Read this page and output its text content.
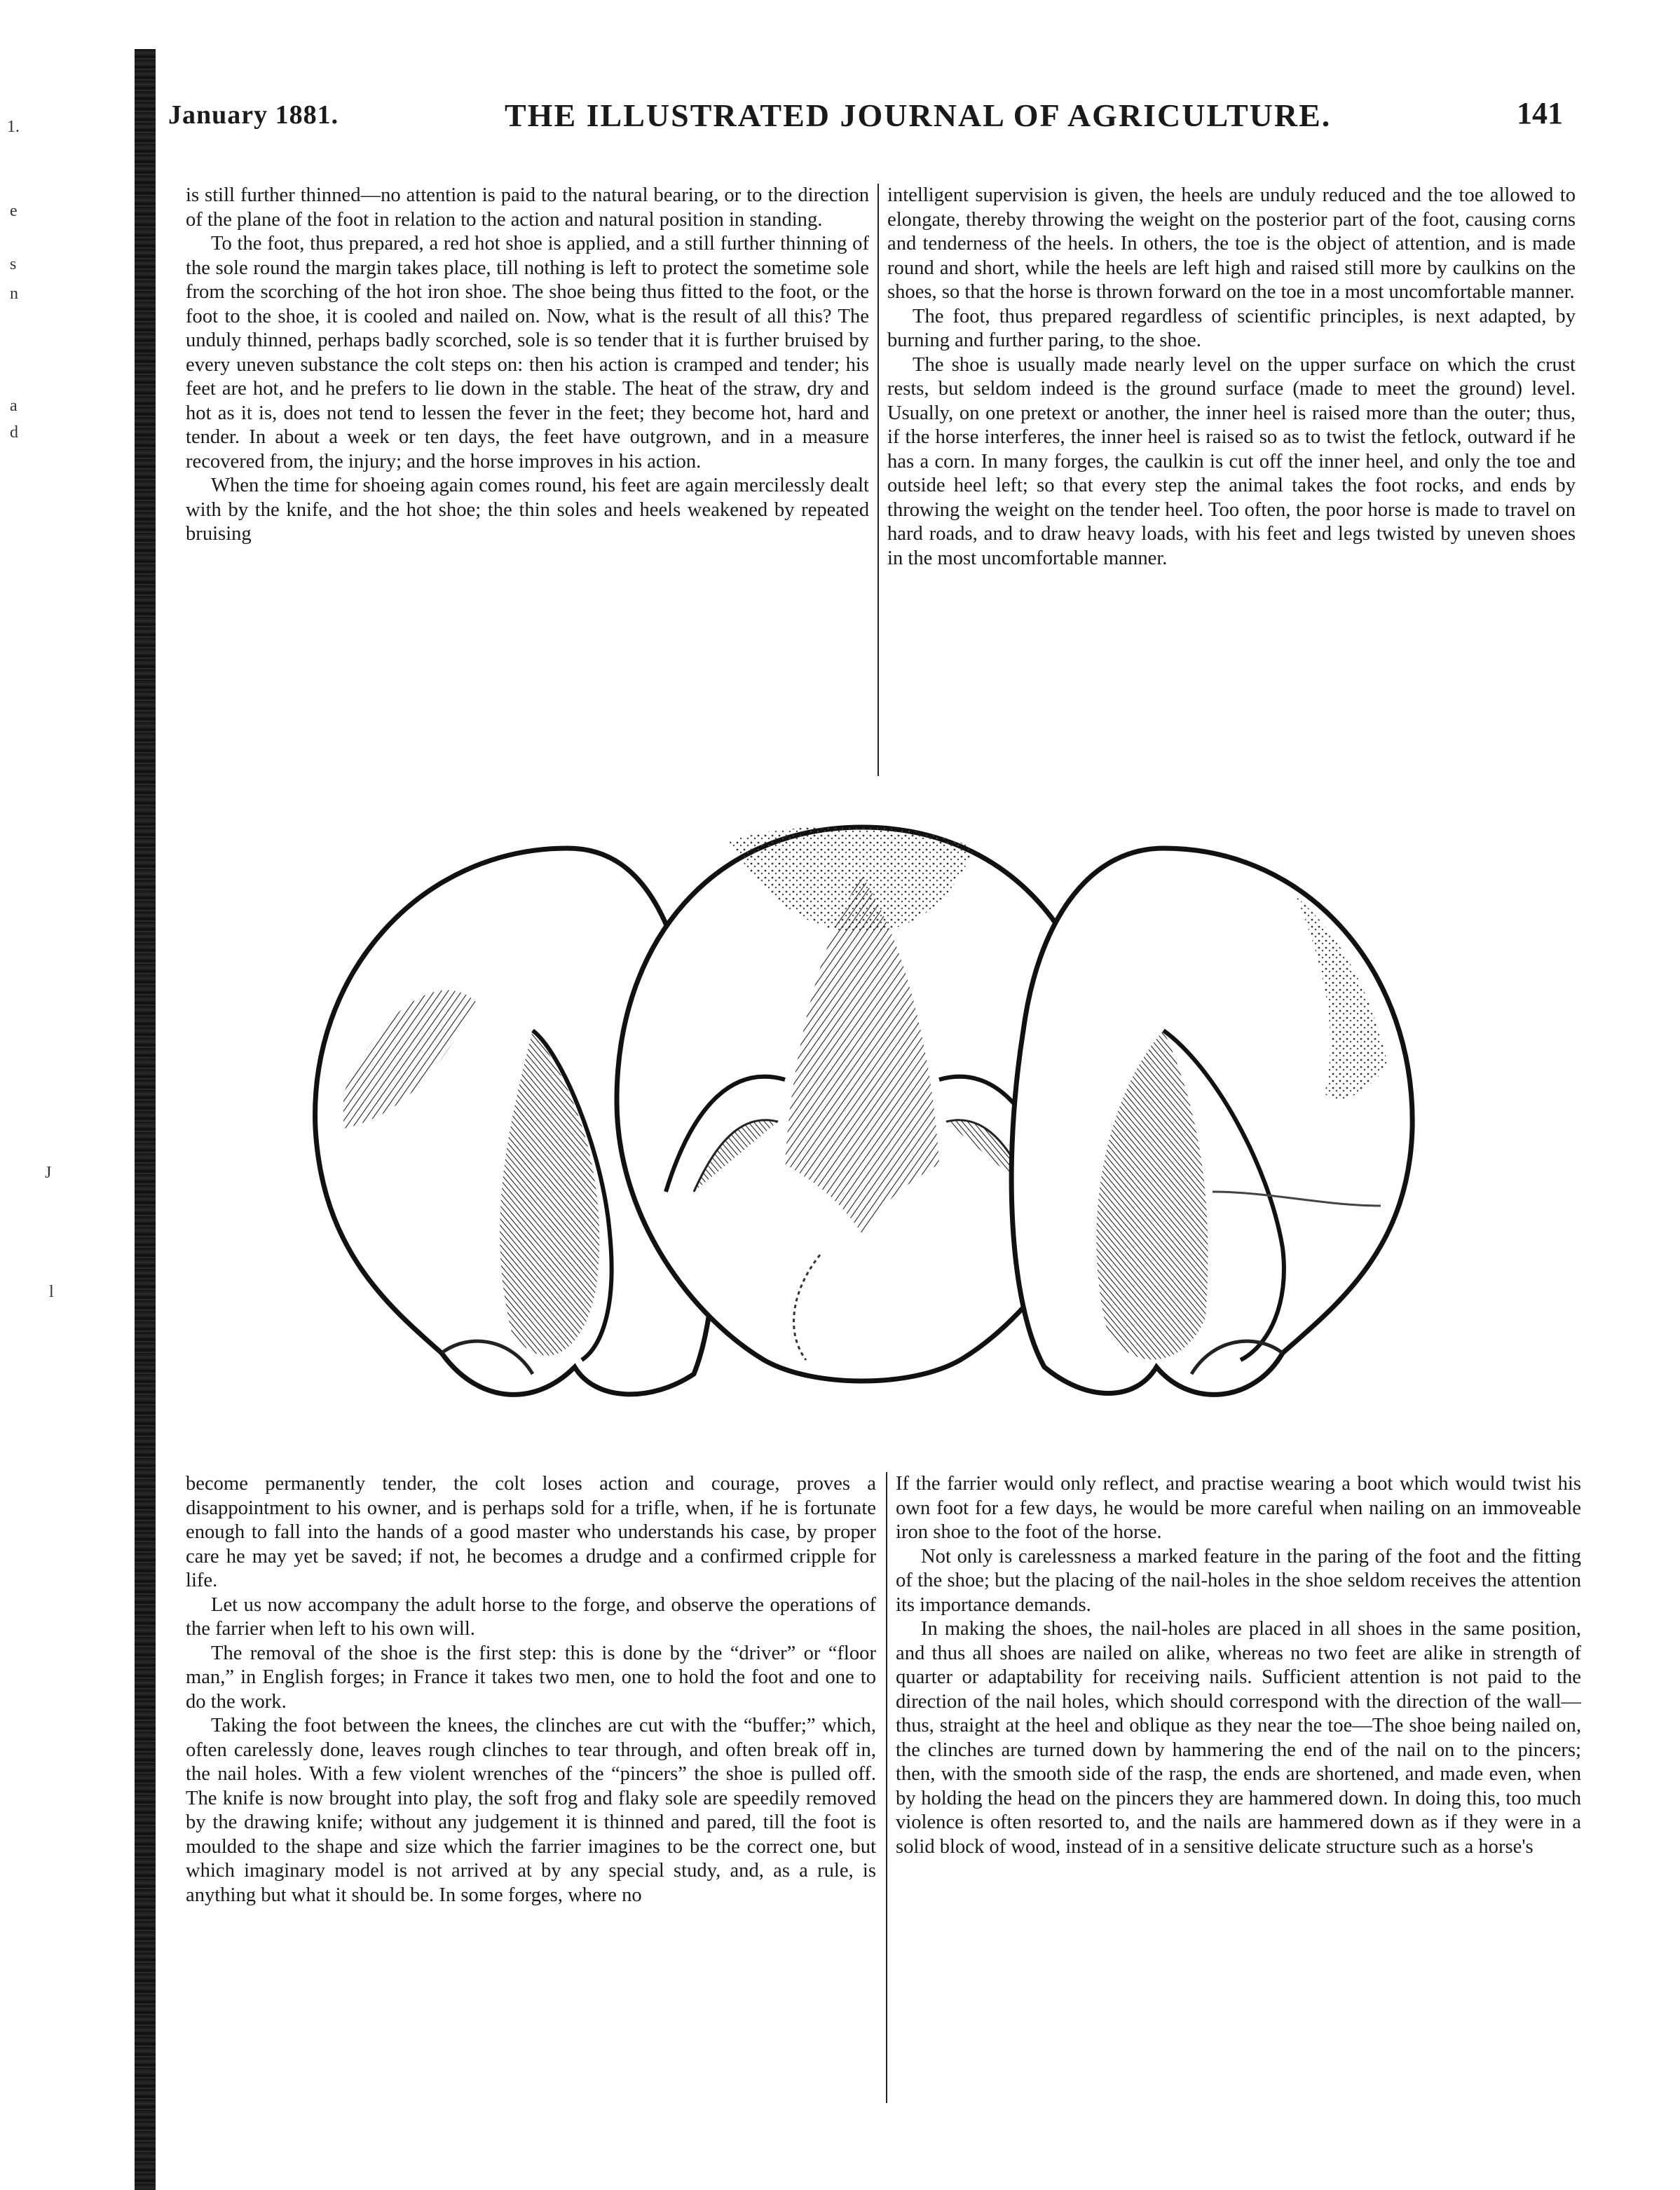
1.
e
s
n
a
d
J
l
January 1881.	THE ILLUSTRATED JOURNAL OF AGRICULTURE.	141

is still further thinned—no attention is paid to the natural bearing, or to the direction of the plane of the foot in relation to the action and natural position in standing.

To the foot, thus prepared, a red hot shoe is applied, and a still further thinning of the sole round the margin takes place, till nothing is left to protect the sometime sole from the scorching of the hot iron shoe. The shoe being thus fitted to the foot, or the foot to the shoe, it is cooled and nailed on. Now, what is the result of all this? The unduly thinned, perhaps badly scorched, sole is so tender that it is further bruised by every uneven substance the colt steps on: then his action is cramped and tender; his feet are hot, and he prefers to lie down in the stable. The heat of the straw, dry and hot as it is, does not tend to lessen the fever in the feet; they become hot, hard and tender. In about a week or ten days, the feet have outgrown, and in a measure recovered from, the injury; and the horse improves in his action.

When the time for shoeing again comes round, his feet are again mercilessly dealt with by the knife, and the hot shoe; the thin soles and heels weakened by repeated bruising

intelligent supervision is given, the heels are unduly reduced and the toe allowed to elongate, thereby throwing the weight on the posterior part of the foot, causing corns and tenderness of the heels. In others, the toe is the object of attention, and is made round and short, while the heels are left high and raised still more by caulkins on the shoes, so that the horse is thrown forward on the toe in a most uncomfortable manner.

The foot, thus prepared regardless of scientific principles, is next adapted, by burning and further paring, to the shoe.

The shoe is usually made nearly level on the upper surface on which the crust rests, but seldom indeed is the ground surface (made to meet the ground) level. Usually, on one pretext or another, the inner heel is raised more than the outer; thus, if the horse interferes, the inner heel is raised so as to twist the fetlock, outward if he has a corn. In many forges, the caulkin is cut off the inner heel, and only the toe and outside heel left; so that every step the animal takes the foot rocks, and ends by throwing the weight on the tender heel. Too often, the poor horse is made to travel on hard roads, and to draw heavy loads, with his feet and legs twisted by uneven shoes in the most uncomfortable manner.

become permanently tender, the colt loses action and courage, proves a disappointment to his owner, and is perhaps sold for a trifle, when, if he is fortunate enough to fall into the hands of a good master who understands his case, by proper care he may yet be saved; if not, he becomes a drudge and a confirmed cripple for life.

Let us now accompany the adult horse to the forge, and observe the operations of the farrier when left to his own will.

The removal of the shoe is the first step: this is done by the “driver” or “floor man,” in English forges; in France it takes two men, one to hold the foot and one to do the work.

Taking the foot between the knees, the clinches are cut with the “buffer;” which, often carelessly done, leaves rough clinches to tear through, and often break off in, the nail holes. With a few violent wrenches of the “pincers” the shoe is pulled off. The knife is now brought into play, the soft frog and flaky sole are speedily removed by the drawing knife; without any judgement it is thinned and pared, till the foot is moulded to the shape and size which the farrier imagines to be the correct one, but which imaginary model is not arrived at by any special study, and, as a rule, is anything but what it should be. In some forges, where no

If the farrier would only reflect, and practise wearing a boot which would twist his own foot for a few days, he would be more careful when nailing on an immoveable iron shoe to the foot of the horse.

Not only is carelessness a marked feature in the paring of the foot and the fitting of the shoe; but the placing of the nail-holes in the shoe seldom receives the attention its importance demands.

In making the shoes, the nail-holes are placed in all shoes in the same position, and thus all shoes are nailed on alike, whereas no two feet are alike in strength of quarter or adaptability for receiving nails. Sufficient attention is not paid to the direction of the nail holes, which should correspond with the direction of the wall—thus, straight at the heel and oblique as they near the toe—The shoe being nailed on, the clinches are turned down by hammering the end of the nail on to the pincers; then, with the smooth side of the rasp, the ends are shortened, and made even, when by holding the head on the pincers they are hammered down. In doing this, too much violence is often resorted to, and the nails are hammered down as if they were in a solid block of wood, instead of in a sensitive delicate structure such as a horse's
